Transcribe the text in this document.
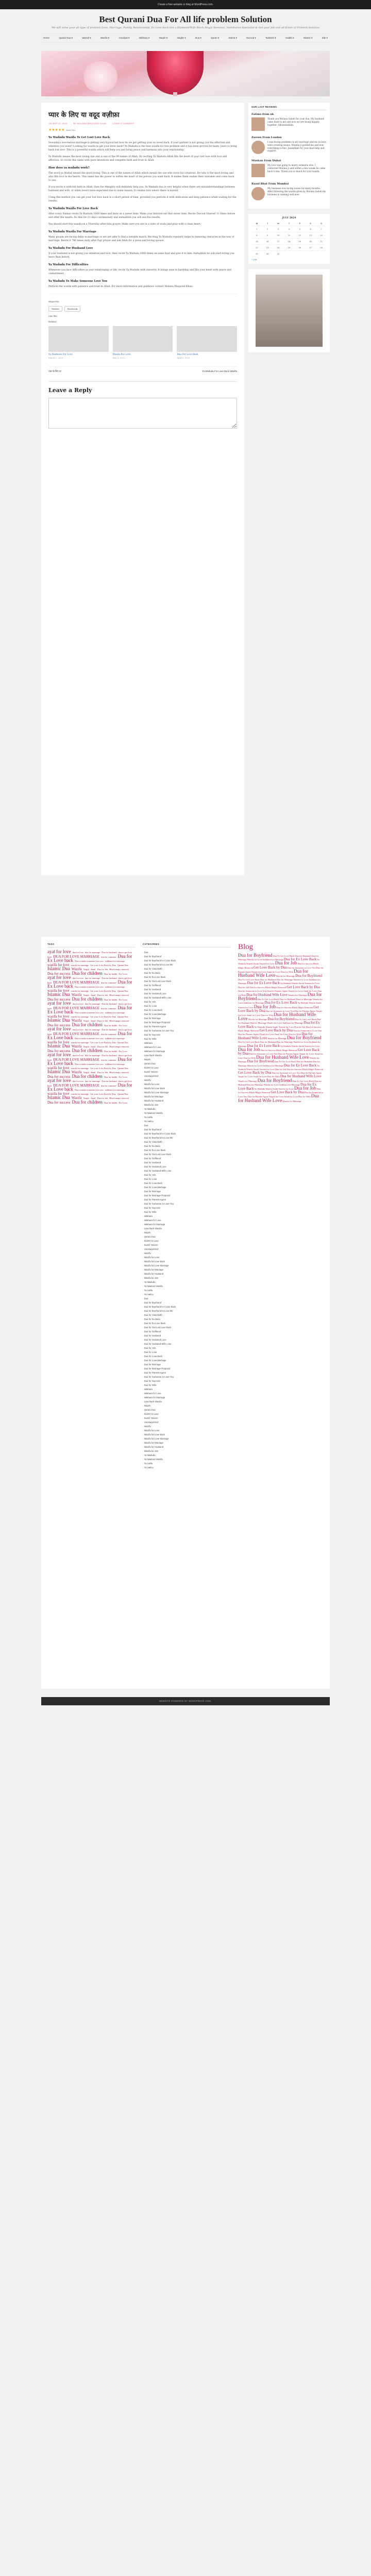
Create a free website or blog at WordPress.com.
Best Qurani Dua For All life problem Solution
We will solve your all type of problem Love, Marriage, Family, Relationship, Ex Love back Get a Husband/Wife Black Magic Removal, Vashikaran Specialist & Get your Job and all Kinds of Problem Solution
Home	Qurani Dua ▾	Wazaif ▾	Wazifa ▾	Amaliyat ▾	Istikhara ▾	Naqsh ▾	Istigfar ▾	Dua ▾	Quran ▾	Kalma ▾	Durood ▾	Tasbeeh ▾	Hadith ▾	Islamic ▾	Zikr ▾
प्यार के लिए या वदूद वज़ीफ़ा
ON MAY 22, 2024	BY MOLANA MAQSOOD KHAN	LEAVE A COMMENT
★★★★★ Rate this
Ya Wadudu Wazifa To Get Lost Love Back

Nowadays love-before marriage is getting very typical but how do we get getting your ex loved back, if your partner is not giving you the affection and attention you want? Looking for wazifa to get your lover back? Ya Wadudu is the best wazifa for this problem and it has been proven for many years to bring back lost love. This is a powerful wazifa which will help you and bring peace and harmony into your relationship.

Ya Wadudu means the most loving one and is one of the 99 names of Allah. By reciting Ya Wadudu Allah fills the heart of your lost love with love and affection. So recite this name with pure intentions and complete faith and trust in Allah.

How does ya wadudu work?

The word ya Wadud means the most loving. This is one of the names of Allah which means the one who loves his creations. He who is the most loving and who fills love in the hearts. This name has the power to soften the heart of the person you want back. It makes them realize their mistakes and come back to you.

If you recite it with full faith in Allah, then the Almighty will definitely help you. Ya Wadudu dua is very helpful when there are misunderstandings between husband and wife, or when lovers have separated due to some reason. It creates love where there is hatred.

Using this method you can get your lost love back in a short period of time, provided you perform it with dedication and keep patience while waiting for the results.

Ya Wadudu Wazifa For Love Back

After every Namaz recite Ya Wadudu 1000 times and blow on a sweet item. Make your beloved eat that sweet item. Recite Durood Shareef 11 times before and after the wazifa. Do this for 21 days continuously and inshaAllah you will see the results.

You should start this wazifa on a Thursday after Isha prayer. Make sure you are in a state of wudu and pray with a clean heart.

Ya Wadudu Wazifa For Marriage

Many people are facing delay in marriage or are not able to find a suitable match. Reciting Ya Wadudu regularly helps in removing obstacles in the way of marriage. Recite it 786 times daily after Fajr prayer and ask Allah for a pious and loving spouse.

Ya Wadudu For Husband Love

If your husband is not giving you attention and love, then recite Ya Wadudu 1000 times on some food and give it to him. InshaAllah he will start loving you more than before.

Ya Wadudu For Difficulties

Whenever you face difficulties in your relationship or life, recite Ya Wadudu with sincerity. It brings ease in hardship and fills your heart with peace and contentment.

Ya Wadudu To Make Someone Love You

Perform the wazifa with patience and trust in Allah. For more information and guidance contact Molana Maqsood Khan.

Share this:
Twitter	Facebook
Like this:
Related
Ya Wadoodo For Love
March 1, 2023
Wazifa For Love
May 8, 2023
Dua For Love Back
April 2, 2023
प्यार के लिए या	Ya Wadudu For Love Back Wazifa
Leave a Reply
OUR LAST REVIEWS
Fatima from uk
Thank you Molana Saheb for your dua. My husband came back to me and now we are living happily together. Alhamdulillah.
Zareen From London
I was facing problems in my marriage and my in-laws were creating issues. Molana ji guided me and now everything is fine. JazakAllah for your kind help and support.
Muskan From Dubai
My love was going to marry someone else. I contacted Molana ji and within a few weeks he came back to me. Thank you so much for your wazifa.
Rasul Bhat From Mumbai
My business was facing losses for many months. After following the wazifa given by Molana Saheb my business is running well now.
JULY 2024
M	T	W	T	F	S	S
1	2	3	4	5	6	7
8	9	10	11	12	13	14
15	16	17	18	19	20	21
22	23	24	25	26	27	28
29	30	31				
« Jun
TAGS
ayat for love dua for love dua for marriage Dua for husband dua to get love back DUA FOR LOVE MARRIAGE dua for someone Dua for Ex Love back Dua to make someone love you istikhara for marriage wazifa for love wazifa for marriage Get your Love Back by Dua Qurani Dua Islamic Dua Wazifa Naqsh Amal Dua for Job Black magic removal Dua for success Dua for children Dua for health For Love ayat for love dua for love dua for marriage Dua for husband dua to get love back DUA FOR LOVE MARRIAGE dua for someone Dua for Ex Love back Dua to make someone love you istikhara for marriage wazifa for love wazifa for marriage Get your Love Back by Dua Qurani Dua Islamic Dua Wazifa Naqsh Amal Dua for Job Black magic removal Dua for success Dua for children Dua for health For Love ayat for love dua for love dua for marriage Dua for husband dua to get love back DUA FOR LOVE MARRIAGE dua for someone Dua for Ex Love back Dua to make someone love you istikhara for marriage wazifa for love wazifa for marriage Get your Love Back by Dua Qurani Dua Islamic Dua Wazifa Naqsh Amal Dua for Job Black magic removal Dua for success Dua for children Dua for health For Love ayat for love dua for love dua for marriage Dua for husband dua to get love back DUA FOR LOVE MARRIAGE dua for someone Dua for Ex Love back Dua to make someone love you istikhara for marriage wazifa for love wazifa for marriage Get your Love Back by Dua Qurani Dua Islamic Dua Wazifa Naqsh Amal Dua for Job Black magic removal Dua for success Dua for children Dua for health For Love ayat for love dua for love dua for marriage Dua for husband dua to get love back DUA FOR LOVE MARRIAGE dua for someone Dua for Ex Love back Dua to make someone love you istikhara for marriage wazifa for love wazifa for marriage Get your Love Back by Dua Qurani Dua Islamic Dua Wazifa Naqsh Amal Dua for Job Black magic removal Dua for success Dua for children Dua for health For Love ayat for love dua for love dua for marriage Dua for husband dua to get love back DUA FOR LOVE MARRIAGE dua for someone Dua for Ex Love back Dua to make someone love you istikhara for marriage wazifa for love wazifa for marriage Get your Love Back by Dua Qurani Dua Islamic Dua Wazifa Naqsh Amal Dua for Job Black magic removal Dua for success Dua for children Dua for health For Love
CATEGORIES
› Dua
› Dua for Boyfriend
› Dua for Boyfriend to Come Back
› Dua for Boyfriend to Love Me
› Dua for Child Birth
› Dua for Ex Back
› Dua for Ex Love Back
› Dua for Get Lost Love Back
› Dua for Girlfriend
› Dua for Husband
› Dua for Husband Love
› Dua for Husband Wife Love
› Dua for Job
› Dua for Love
› Dua for Love Back
› Dua for Love Marriage
› Dua for Marriage
› Dua for Marriage Proposal
› Dua for Parents Agree
› Dua for Someone to Love You
› Dua for Success
› Dua for Wife
› Istikhara
› Istikhara for Love
› Istikhara for Marriage
› Love Back Wazifa
› Naqsh
› Qurani Dua
› Surah for Love
› Surah Yaseen
› Uncategorized
› Wazifa
› Wazifa for Love
› Wazifa for Love Back
› Wazifa for Love Marriage
› Wazifa for Marriage
› Wazifa for Husband
› Wazifa for Job
› Ya Wadudu
› Ya Wadood Wazifa
› Ya Latifu
› Ya Hafizu
› Dua
› Dua for Boyfriend
› Dua for Boyfriend to Come Back
› Dua for Boyfriend to Love Me
› Dua for Child Birth
› Dua for Ex Back
› Dua for Ex Love Back
› Dua for Get Lost Love Back
› Dua for Girlfriend
› Dua for Husband
› Dua for Husband Love
› Dua for Husband Wife Love
› Dua for Job
› Dua for Love
› Dua for Love Back
› Dua for Love Marriage
› Dua for Marriage
› Dua for Marriage Proposal
› Dua for Parents Agree
› Dua for Someone to Love You
› Dua for Success
› Dua for Wife
› Istikhara
› Istikhara for Love
› Istikhara for Marriage
› Love Back Wazifa
› Naqsh
› Qurani Dua
› Surah for Love
› Surah Yaseen
› Uncategorized
› Wazifa
› Wazifa for Love
› Wazifa for Love Back
› Wazifa for Love Marriage
› Wazifa for Marriage
› Wazifa for Husband
› Wazifa for Job
› Ya Wadudu
› Ya Wadood Wazifa
› Ya Latifu
› Ya Hafizu
› Dua
› Dua for Boyfriend
› Dua for Boyfriend to Come Back
› Dua for Boyfriend to Love Me
› Dua for Child Birth
› Dua for Ex Back
› Dua for Ex Love Back
› Dua for Get Lost Love Back
› Dua for Girlfriend
› Dua for Husband
› Dua for Husband Love
› Dua for Husband Wife Love
› Dua for Job
› Dua for Love
› Dua for Love Back
› Dua for Love Marriage
› Dua for Marriage
› Dua for Marriage Proposal
› Dua for Parents Agree
› Dua for Someone to Love You
› Dua for Success
› Dua for Wife
› Istikhara
› Istikhara for Love
› Istikhara for Marriage
› Love Back Wazifa
› Naqsh
› Qurani Dua
› Surah for Love
› Surah Yaseen
› Uncategorized
› Wazifa
› Wazifa for Love
› Wazifa for Love Back
› Wazifa for Love Marriage
› Wazifa for Marriage
› Wazifa for Husband
› Wazifa for Job
› Ya Wadudu
› Ya Wadood Wazifa
› Ya Latifu
› Ya Hafizu
Blog
Dua for Boyfriend Dua To Get Love Back Dua for Husband Dua for Marriage Wazifa for Love Istikhara for Marriage Dua for Ex Love Back Ya Wadudu Wazifa Surah Yaseen for Love Dua for Job Dua for Success Black Magic Removal Get Love Back by Dua Dua for Someone to Love You Dua for Parents Agree Naqsh for Love Amal for Love Dua for Wife Dua for Husband Wife Love Wazifa for Marriage Dua for Boyfriend Dua To Get Love Back Dua for Husband Dua for Marriage Wazifa for Love Istikhara for Marriage Dua for Ex Love Back Ya Wadudu Wazifa Surah Yaseen for Love Dua for Job Dua for Success Black Magic Removal Get Love Back by Dua Dua for Someone to Love You Dua for Parents Agree Naqsh for Love Amal for Love Dua for Wife Dua for Husband Wife Love Wazifa for Marriage Dua for Boyfriend Dua To Get Love Back Dua for Husband Dua for Marriage Wazifa for Love Istikhara for Marriage Dua for Ex Love Back Ya Wadudu Wazifa Surah Yaseen for Love Dua for Job Dua for Success Black Magic Removal Get Love Back by Dua Dua for Someone to Love You Dua for Parents Agree Naqsh for Love Amal for Love Dua for Wife Dua for Husband Wife Love Wazifa for Marriage Dua for Boyfriend Dua To Get Love Back Dua for Husband Dua for Marriage Wazifa for Love Istikhara for Marriage Dua for Ex Love Back Ya Wadudu Wazifa Surah Yaseen for Love Dua for Job Dua for Success Black Magic Removal Get Love Back by Dua Dua for Someone to Love You Dua for Parents Agree Naqsh for Love Amal for Love Dua for Wife Dua for Husband Wife Love Wazifa for Marriage Dua for Boyfriend Dua To Get Love Back Dua for Husband Dua for Marriage Wazifa for Love Istikhara for Marriage Dua for Ex Love Back Ya Wadudu Wazifa Surah Yaseen for Love Dua for Job Dua for Success Black Magic Removal Get Love Back by Dua Dua for Someone to Love You Dua for Parents Agree Naqsh for Love Amal for Love Dua for Wife Dua for Husband Wife Love Wazifa for Marriage Dua for Boyfriend Dua To Get Love Back Dua for Husband Dua for Marriage Wazifa for Love Istikhara for Marriage Dua for Ex Love Back Ya Wadudu Wazifa Surah Yaseen for Love Dua for Job Dua for Success Black Magic Removal Get Love Back by Dua Dua for Someone to Love You Dua for Parents Agree Naqsh for Love Amal for Love Dua for Wife Dua for Husband Wife Love Wazifa for Marriage Dua for Boyfriend Dua To Get Love Back Dua for Husband Dua for Marriage Wazifa for Love Istikhara for Marriage Dua for Ex Love Back Ya Wadudu Wazifa Surah Yaseen for Love Dua for Job Dua for Success Black Magic Removal Get Love Back by Dua Dua for Someone to Love You Dua for Parents Agree Naqsh for Love Amal for Love Dua for Wife Dua for Husband Wife Love Wazifa for Marriage
WEBSITE POWERED BY WORDPRESS.COM.
